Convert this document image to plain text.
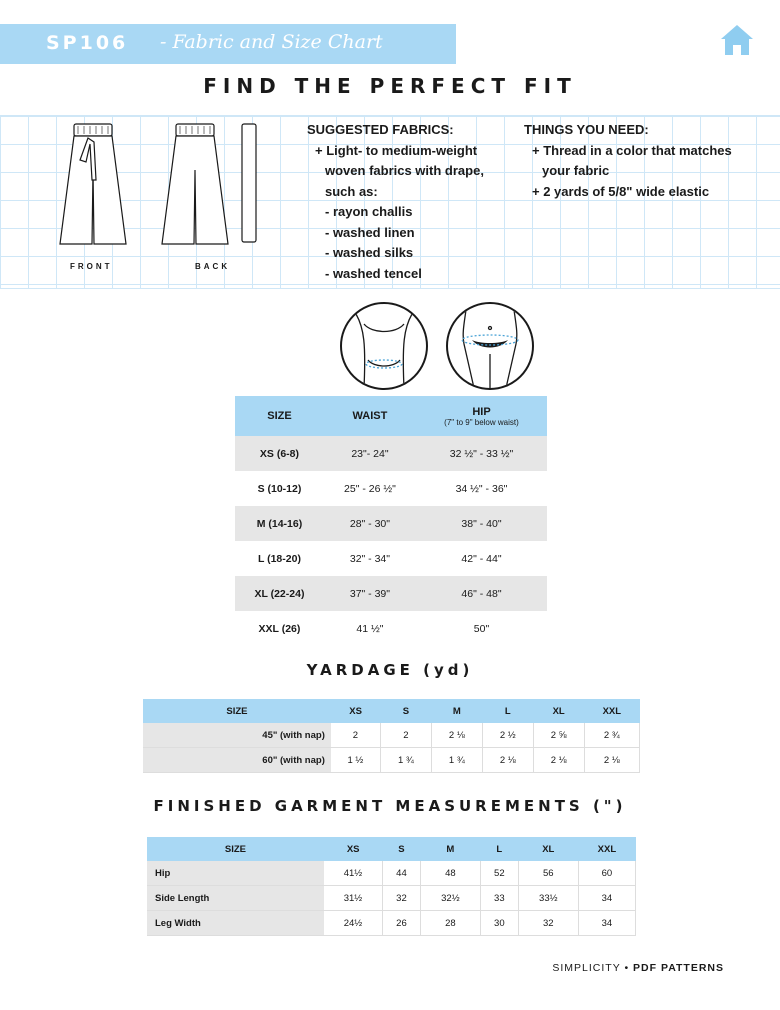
SP106 - Fabric and Size Chart
FIND THE PERFECT FIT
FRONT	BACK
SUGGESTED FABRICS:
+ Light- to medium-weight
woven fabrics with drape,
such as:
- rayon challis
- washed linen
- washed silks
- washed tencel
THINGS YOU NEED:
+ Thread in a color that matches
your fabric
+ 2 yards of 5/8" wide elastic
SIZE	WAIST	HIP
(7" to 9" below waist)

XS (6-8)	23"- 24"	32 ½" - 33 ½"
S (10-12)	25" - 26 ½"	34 ½" - 36"
M (14-16)	28" - 30"	38" - 40"
L (18-20)	32" - 34"	42" - 44"
XL (22-24)	37" - 39"	46" - 48"
XXL (26)	41 ½"	50"
YARDAGE (yd)
SIZE	XS	S	M	L	XL	XXL
45" (with nap)	2	2	2 ⅛	2 ½	2 ⅝	2 ¾
60" (with nap)	1 ½	1 ¾	1 ¾	2 ⅛	2 ⅛	2 ⅛
FINISHED GARMENT MEASUREMENTS (")
SIZE	XS	S	M	L	XL	XXL
Hip	41½	44	48	52	56	60
Side Length	31½	32	32½	33	33½	34
Leg Width	24½	26	28	30	32	34
SIMPLICITY • PDF PATTERNS
